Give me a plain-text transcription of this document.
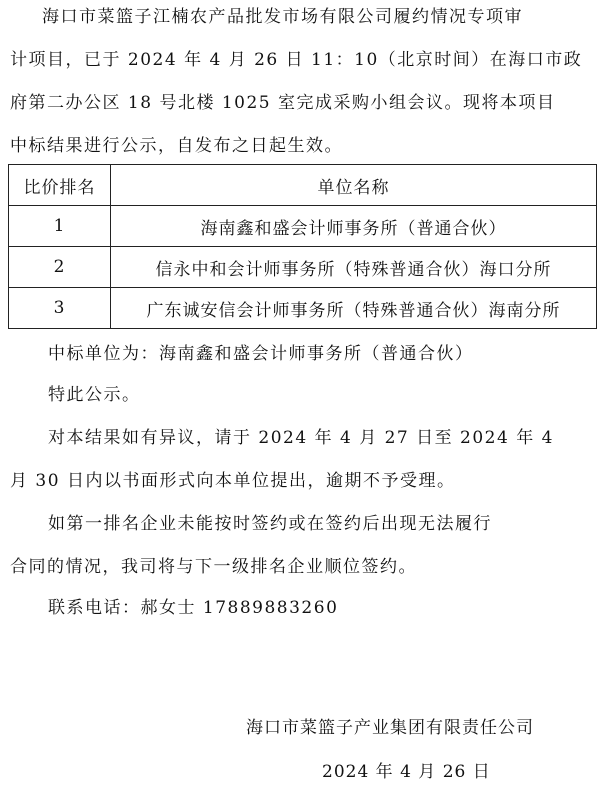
海口市菜篮子江楠农产品批发市场有限公司履约情况专项审
计项目，已于 2024 年 4 月 26 日 11：10（北京时间）在海口市政
府第二办公区 18 号北楼 1025 室完成采购小组会议。现将本项目
中标结果进行公示，自发布之日起生效。
比价排名	单位名称
1	海南鑫和盛会计师事务所（普通合伙）
2	信永中和会计师事务所（特殊普通合伙）海口分所
3	广东诚安信会计师事务所（特殊普通合伙）海南分所
中标单位为：海南鑫和盛会计师事务所（普通合伙）
特此公示。
对本结果如有异议，请于 2024 年 4 月 27 日至 2024 年 4
月 30 日内以书面形式向本单位提出，逾期不予受理。
如第一排名企业未能按时签约或在签约后出现无法履行
合同的情况，我司将与下一级排名企业顺位签约。
联系电话：郝女士 17889883260
海口市菜篮子产业集团有限责任公司
2024 年 4 月 26 日
